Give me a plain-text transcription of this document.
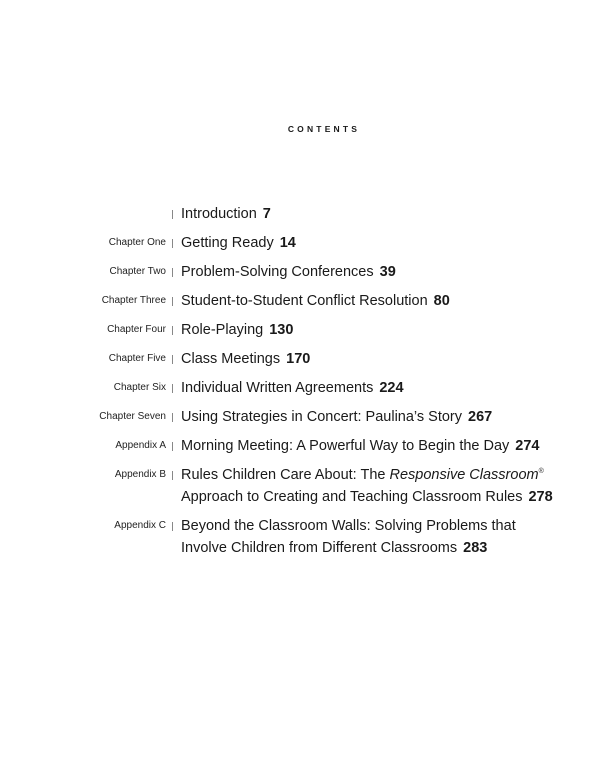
CONTENTS
Introduction 7
Chapter One Getting Ready 14
Chapter Two Problem-Solving Conferences 39
Chapter Three Student-to-Student Conflict Resolution 80
Chapter Four Role-Playing 130
Chapter Five Class Meetings 170
Chapter Six Individual Written Agreements 224
Chapter Seven Using Strategies in Concert: Paulina’s Story 267
Appendix A Morning Meeting: A Powerful Way to Begin the Day 274
Appendix B Rules Children Care About: The Responsive Classroom®
Approach to Creating and Teaching Classroom Rules 278
Appendix C Beyond the Classroom Walls: Solving Problems that
Involve Children from Different Classrooms 283
